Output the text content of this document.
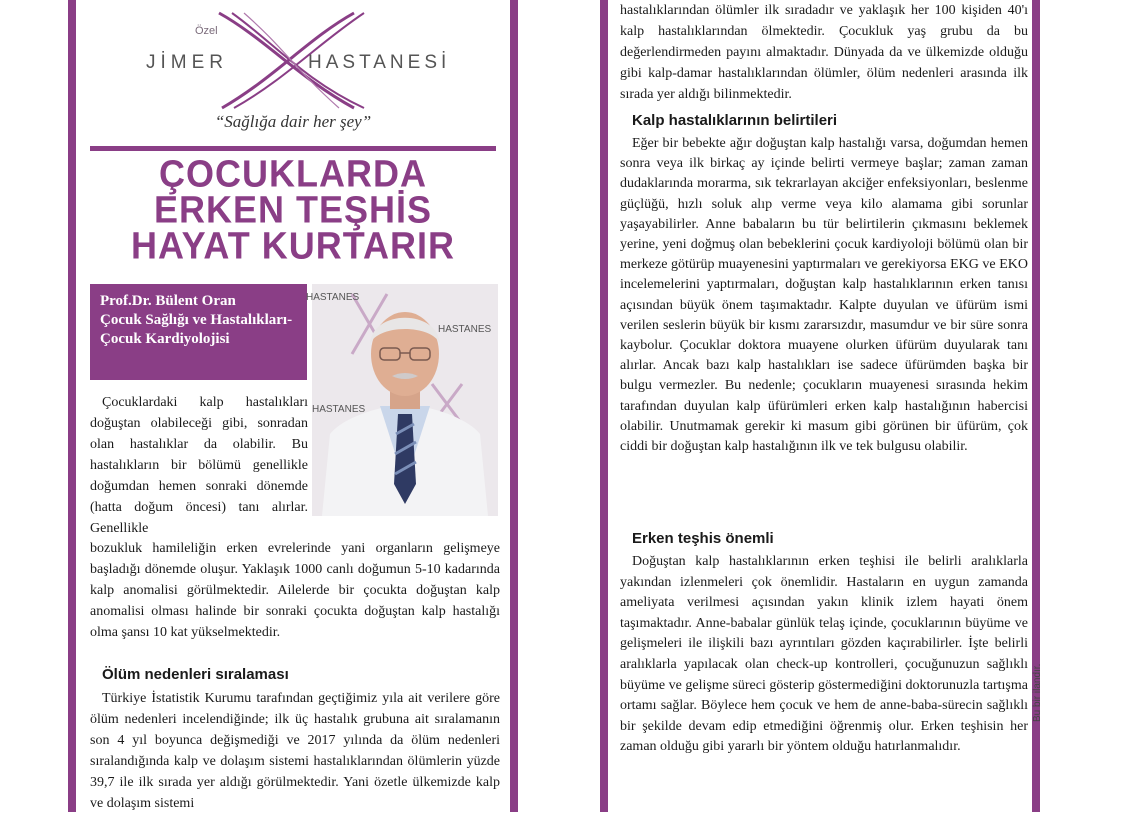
Özel
JİMER	HASTANESİ
“Sağlığa dair her şey”
ÇOCUKLARDA
ERKEN TEŞHİS
HAYAT KURTARIR
Prof.Dr. Bülent Oran
Çocuk Sağlığı ve Hastalıkları-Çocuk Kardiyolojisi
HASTANES
HASTANES
HASTANES

Çocuklardaki kalp hastalıkları doğuştan olabileceği gibi, sonradan olan hastalıklar da olabilir. Bu hastalıkların bir bölümü genellikle doğumdan hemen sonraki dönemde (hatta doğum öncesi) tanı alırlar. Genellikle

bozukluk hamileliğin erken evrelerinde yani organların gelişmeye başladığı dönemde oluşur. Yaklaşık 1000 canlı doğumun 5-10 kadarında kalp anomalisi görülmektedir. Ailelerde bir çocukta doğuştan kalp anomalisi olması halinde bir sonraki çocukta doğuştan kalp hastalığı olma şansı 10 kat yükselmektedir.

Ölüm nedenleri sıralaması

Türkiye İstatistik Kurumu tarafından geçtiğimiz yıla ait verilere göre ölüm nedenleri incelendiğinde; ilk üç hastalık grubuna ait sıralamanın son 4 yıl boyunca değişmediği ve 2017 yılında da ölüm nedenleri sıralandığında kalp ve dolaşım sistemi hastalıklarından ölümlerin yüzde 39,7 ile ilk sırada yer aldığı görülmektedir. Yani özetle ülkemizde kalp ve dolaşım sistemi

hastalıklarından ölümler ilk sıradadır ve yaklaşık her 100 kişiden 40'ı kalp hastalıklarından ölmektedir. Çocukluk yaş grubu da bu değerlendirmeden payını almaktadır. Dünyada da ve ülkemizde olduğu gibi kalp-damar hastalıklarından ölümler, ölüm nedenleri arasında ilk sırada yer aldığı bilinmektedir.

Kalp hastalıklarının belirtileri

Eğer bir bebekte ağır doğuştan kalp hastalığı varsa, doğumdan hemen sonra veya ilk birkaç ay içinde belirti vermeye başlar; zaman zaman dudaklarında morarma, sık tekrarlayan akciğer enfeksiyonları, beslenme güçlüğü, hızlı soluk alıp verme veya kilo alamama gibi sorunlar yaşayabilirler. Anne babaların bu tür belirtilerin çıkmasını beklemek yerine, yeni doğmuş olan bebeklerini çocuk kardiyoloji bölümü olan bir merkeze götürüp muayenesini yaptırmaları ve gerekiyorsa EKG ve EKO incelemelerini yaptırmaları, doğuştan kalp hastalıklarının erken tanısı açısından büyük önem taşımaktadır. Kalpte duyulan ve üfürüm ismi verilen seslerin büyük bir kısmı zararsızdır, masumdur ve bir süre sonra kaybolur. Çocuklar doktora muayene olurken üfürüm duyularak tanı alırlar. Ancak bazı kalp hastalıkları ise sadece üfürümden başka bir bulgu vermezler. Bu nedenle; çocukların muayenesi sırasında hekim tarafından duyulan kalp üfürümleri erken kalp hastalığının habercisi olabilir. Unutmamak gerekir ki masum gibi görünen bir üfürüm, çok ciddi bir doğuştan kalp hastalığının ilk ve tek bulgusu olabilir.

Erken teşhis önemli

Doğuştan kalp hastalıklarının erken teşhisi ile belirli aralıklarla yakından izlenmeleri çok önemlidir. Hastaların en uygun zamanda ameliyata verilmesi açısından yakın klinik izlem hayati önem taşımaktadır. Anne-babalar günlük telaş içinde, çocuklarının büyüme ve gelişmeleri ile ilişkili bazı ayrıntıları gözden kaçırabilirler. İşte belirli aralıklarla yapılacak olan check-up kontrolleri, çocuğunuzun sağlıklı büyüme ve gelişme süreci gösterip göstermediğini doktorunuzla tartışma ortamı sağlar. Böylece hem çocuk ve hem de anne-baba-sürecin sağlıklı bir şekilde devam edip etmediğini öğrenmiş olur. Erken teşhisin her zaman olduğu gibi yararlı bir yöntem olduğu hatırlanmalıdır.

Bu bir ilandır.
